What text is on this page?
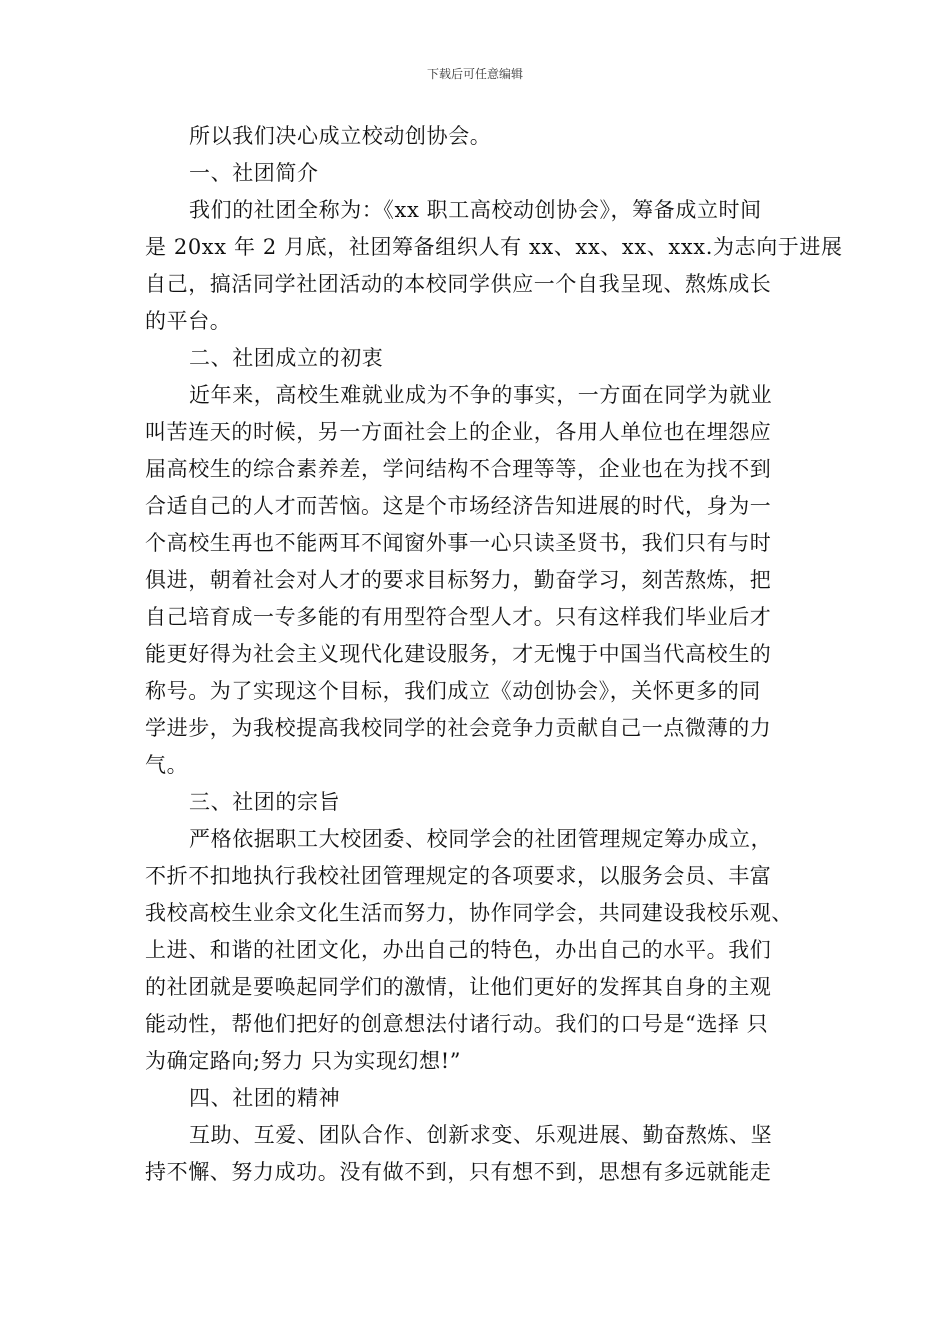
下载后可任意编辑
所以我们决心成立校动创协会。
一、社团简介
我们的社团全称为：《xx 职工高校动创协会》，筹备成立时间
是 20xx 年 2 月底，社团筹备组织人有 xx、xx、xx、xxx.为志向于进展
自己，搞活同学社团活动的本校同学供应一个自我呈现、熬炼成长
的平台。
二、社团成立的初衷
近年来，高校生难就业成为不争的事实，一方面在同学为就业
叫苦连天的时候，另一方面社会上的企业，各用人单位也在埋怨应
届高校生的综合素养差，学问结构不合理等等，企业也在为找不到
合适自己的人才而苦恼。这是个市场经济告知进展的时代，身为一
个高校生再也不能两耳不闻窗外事一心只读圣贤书，我们只有与时
俱进，朝着社会对人才的要求目标努力，勤奋学习，刻苦熬炼，把
自己培育成一专多能的有用型符合型人才。只有这样我们毕业后才
能更好得为社会主义现代化建设服务，才无愧于中国当代高校生的
称号。为了实现这个目标，我们成立《动创协会》，关怀更多的同
学进步，为我校提高我校同学的社会竞争力贡献自己一点微薄的力
气。
三、社团的宗旨
严格依据职工大校团委、校同学会的社团管理规定筹办成立，
不折不扣地执行我校社团管理规定的各项要求，以服务会员、丰富
我校高校生业余文化生活而努力，协作同学会，共同建设我校乐观、
上进、和谐的社团文化，办出自己的特色，办出自己的水平。我们
的社团就是要唤起同学们的激情，让他们更好的发挥其自身的主观
能动性，帮他们把好的创意想法付诸行动。我们的口号是“选择 只
为确定路向;努力 只为实现幻想!”
四、社团的精神
互助、互爱、团队合作、创新求变、乐观进展、勤奋熬炼、坚
持不懈、努力成功。没有做不到，只有想不到，思想有多远就能走
